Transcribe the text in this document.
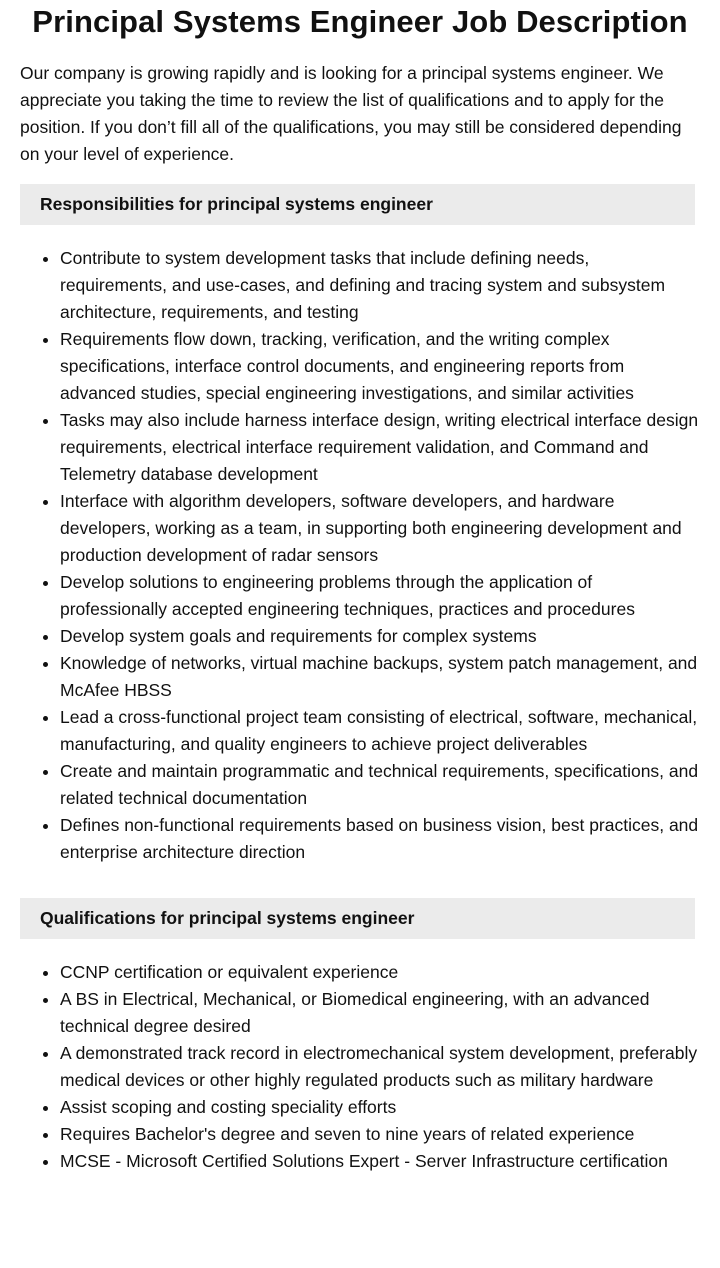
Principal Systems Engineer Job Description

Our company is growing rapidly and is looking for a principal systems engineer. We appreciate you taking the time to review the list of qualifications and to apply for the position. If you don’t fill all of the qualifications, you may still be considered depending on your level of experience.

Responsibilities for principal systems engineer
• Contribute to system development tasks that include defining needs, requirements, and use-cases, and defining and tracing system and subsystem architecture, requirements, and testing
• Requirements flow down, tracking, verification, and the writing complex specifications, interface control documents, and engineering reports from advanced studies, special engineering investigations, and similar activities
• Tasks may also include harness interface design, writing electrical interface design requirements, electrical interface requirement validation, and Command and Telemetry database development
• Interface with algorithm developers, software developers, and hardware developers, working as a team, in supporting both engineering development and production development of radar sensors
• Develop solutions to engineering problems through the application of professionally accepted engineering techniques, practices and procedures
• Develop system goals and requirements for complex systems
• Knowledge of networks, virtual machine backups, system patch management, and McAfee HBSS
• Lead a cross-functional project team consisting of electrical, software, mechanical, manufacturing, and quality engineers to achieve project deliverables
• Create and maintain programmatic and technical requirements, specifications, and related technical documentation
• Defines non-functional requirements based on business vision, best practices, and enterprise architecture direction
Qualifications for principal systems engineer
• CCNP certification or equivalent experience
• A BS in Electrical, Mechanical, or Biomedical engineering, with an advanced technical degree desired
• A demonstrated track record in electromechanical system development, preferably medical devices or other highly regulated products such as military hardware
• Assist scoping and costing speciality efforts
• Requires Bachelor's degree and seven to nine years of related experience
• MCSE - Microsoft Certified Solutions Expert - Server Infrastructure certification
